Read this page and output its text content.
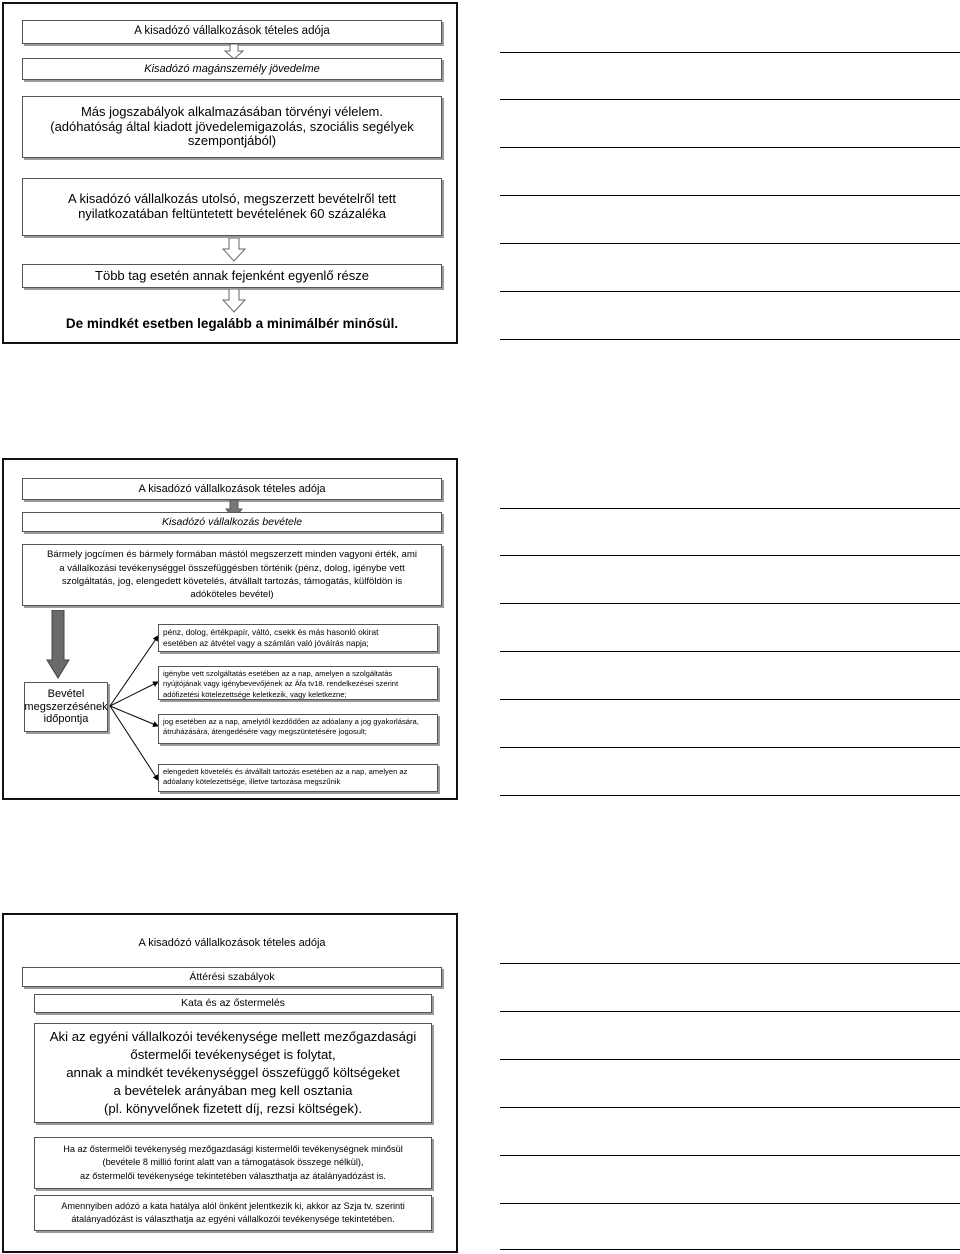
A kisadózó vállalkozások tételes adója
Kisadózó magánszemély jövedelme
Más jogszabályok alkalmazásában törvényi vélelem.
(adóhatóság által kiadott jövedelemigazolás, szociális segélyek
szempontjából)
A kisadózó vállalkozás utolsó, megszerzett bevételről tett
nyilatkozatában feltüntetett bevételének 60 százaléka
Több tag esetén annak fejenként egyenlő része
De mindkét esetben legalább a minimálbér minősül.
A kisadózó vállalkozások tételes adója
Kisadózó vállalkozás bevétele
Bármely jogcímen és bármely formában mástól megszerzett minden vagyoni érték, ami
a vállalkozási tevékenységgel összefüggésben történik (pénz, dolog, igénybe vett
szolgáltatás, jog, elengedett követelés, átvállalt tartozás, támogatás, külföldön is
adóköteles bevétel)
Bevétel
megszerzésének
időpontja
pénz, dolog, értékpapír, váltó, csekk és más hasonló okirat
esetében az átvétel vagy a számlán való jóváírás napja;
igénybe vett szolgáltatás esetében az a nap, amelyen a szolgáltatás
nyújtójának vagy igénybevevőjének az Áfa tv18. rendelkezései szerint
adófizetési kötelezettsége keletkezik, vagy keletkezne;
jog esetében az a nap, amelytől kezdődően az adóalany a jog gyakorlására,
átruházására, átengedésére vagy megszüntetésére jogosult;
elengedett követelés és átvállalt tartozás esetében az a nap, amelyen az
adóalany kötelezettsége, illetve tartozása megszűnik
A kisadózó vállalkozások tételes adója
Áttérési szabályok
Kata és az őstermelés
Aki az egyéni vállalkozói tevékenysége mellett mezőgazdasági
őstermelői tevékenységet is folytat,
annak a mindkét tevékenységgel összefüggő költségeket
a bevételek arányában meg kell osztania
(pl. könyvelőnek fizetett díj, rezsi költségek).
Ha az őstermelői tevékenység mezőgazdasági kistermelői tevékenységnek minősül
(bevétele 8 millió forint alatt van a támogatások összege nélkül),
az őstermelői tevékenysége tekintetében választhatja az átalányadózást is.
Amennyiben adózó a kata hatálya alól önként jelentkezik ki, akkor az Szja tv. szerinti
átalányadózást is választhatja az egyéni vállalkozói tevékenysége tekintetében.
